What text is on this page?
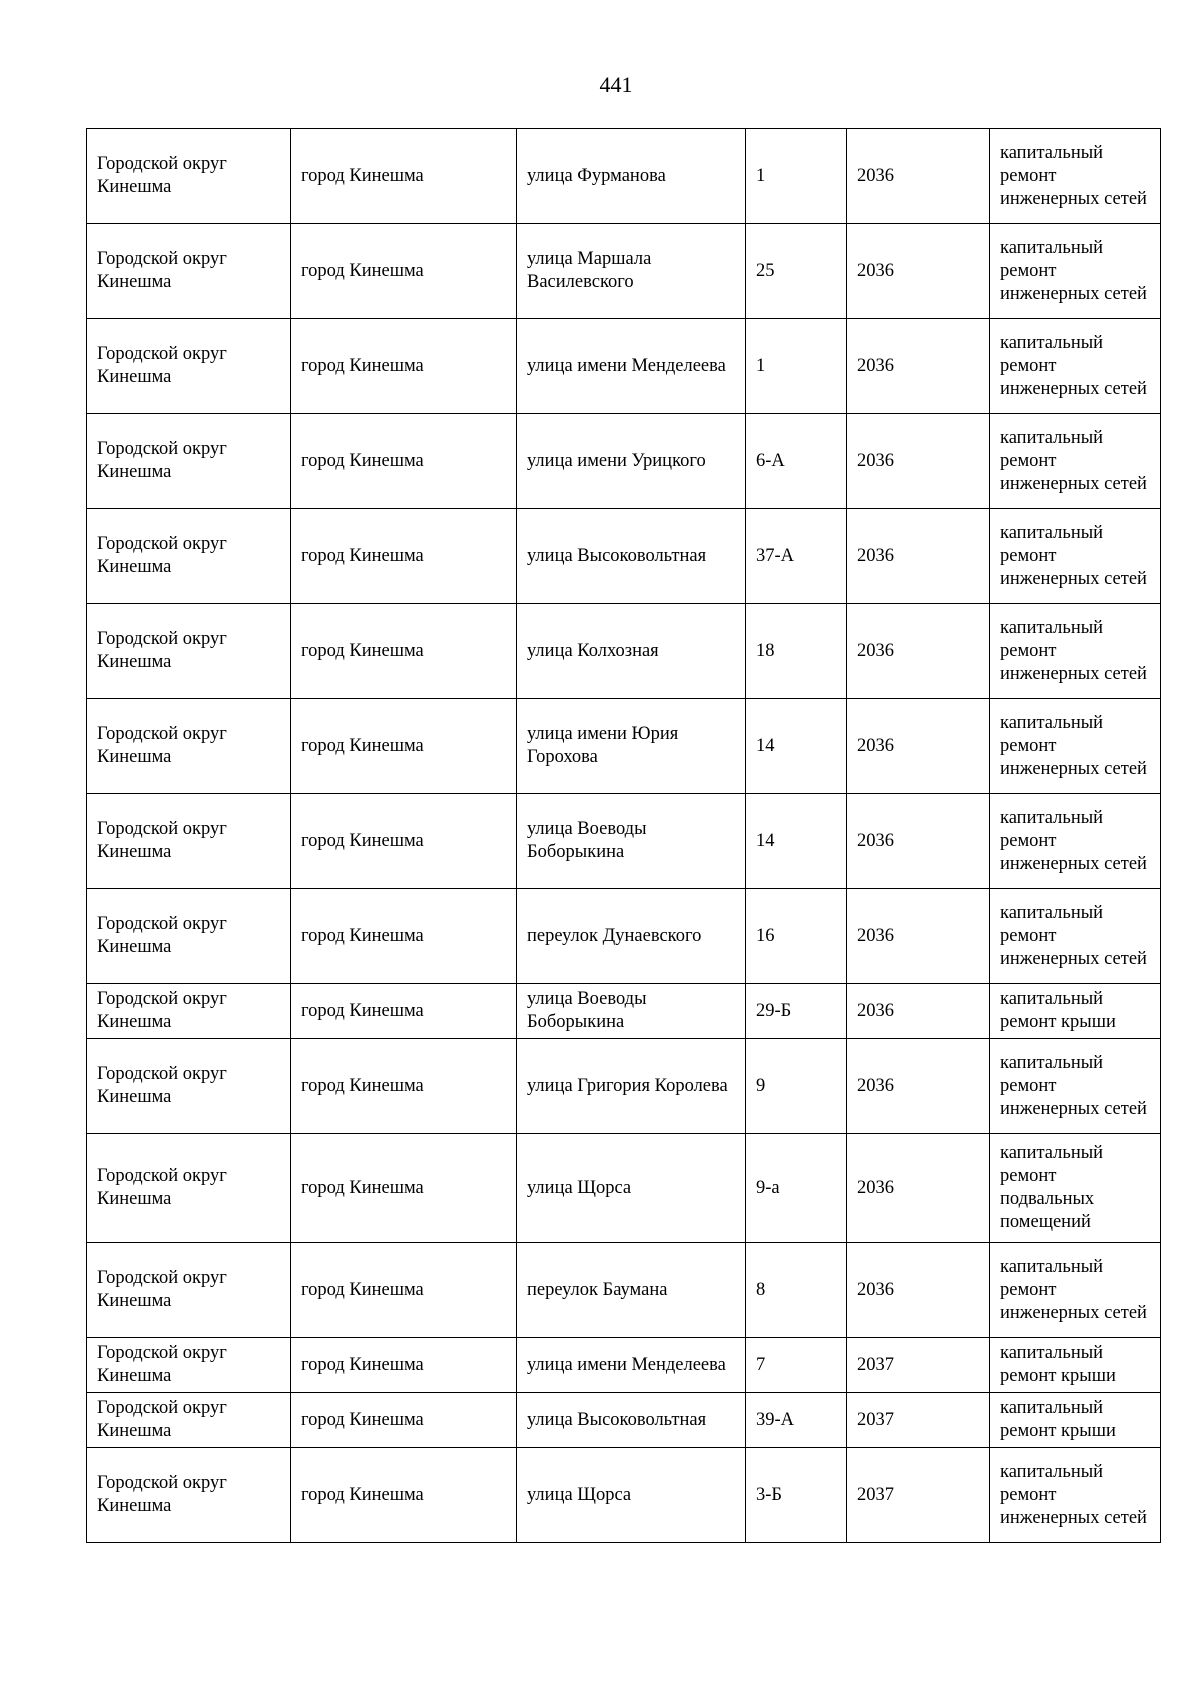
441
Городской округ Кинешма	город Кинешма	улица Фурманова	1	2036	капитальный ремонт инженерных сетей
Городской округ Кинешма	город Кинешма	улица Маршала Василевского	25	2036	капитальный ремонт инженерных сетей
Городской округ Кинешма	город Кинешма	улица имени Менделеева	1	2036	капитальный ремонт инженерных сетей
Городской округ Кинешма	город Кинешма	улица имени Урицкого	6-А	2036	капитальный ремонт инженерных сетей
Городской округ Кинешма	город Кинешма	улица Высоковольтная	37-А	2036	капитальный ремонт инженерных сетей
Городской округ Кинешма	город Кинешма	улица Колхозная	18	2036	капитальный ремонт инженерных сетей
Городской округ Кинешма	город Кинешма	улица имени Юрия Горохова	14	2036	капитальный ремонт инженерных сетей
Городской округ Кинешма	город Кинешма	улица Воеводы Боборыкина	14	2036	капитальный ремонт инженерных сетей
Городской округ Кинешма	город Кинешма	переулок Дунаевского	16	2036	капитальный ремонт инженерных сетей
Городской округ Кинешма	город Кинешма	улица Воеводы Боборыкина	29-Б	2036	капитальный ремонт крыши
Городской округ Кинешма	город Кинешма	улица Григория Королева	9	2036	капитальный ремонт инженерных сетей
Городской округ Кинешма	город Кинешма	улица Щорса	9-а	2036	капитальный ремонт подвальных помещений
Городской округ Кинешма	город Кинешма	переулок Баумана	8	2036	капитальный ремонт инженерных сетей
Городской округ Кинешма	город Кинешма	улица имени Менделеева	7	2037	капитальный ремонт крыши
Городской округ Кинешма	город Кинешма	улица Высоковольтная	39-А	2037	капитальный ремонт крыши
Городской округ Кинешма	город Кинешма	улица Щорса	3-Б	2037	капитальный ремонт инженерных сетей
